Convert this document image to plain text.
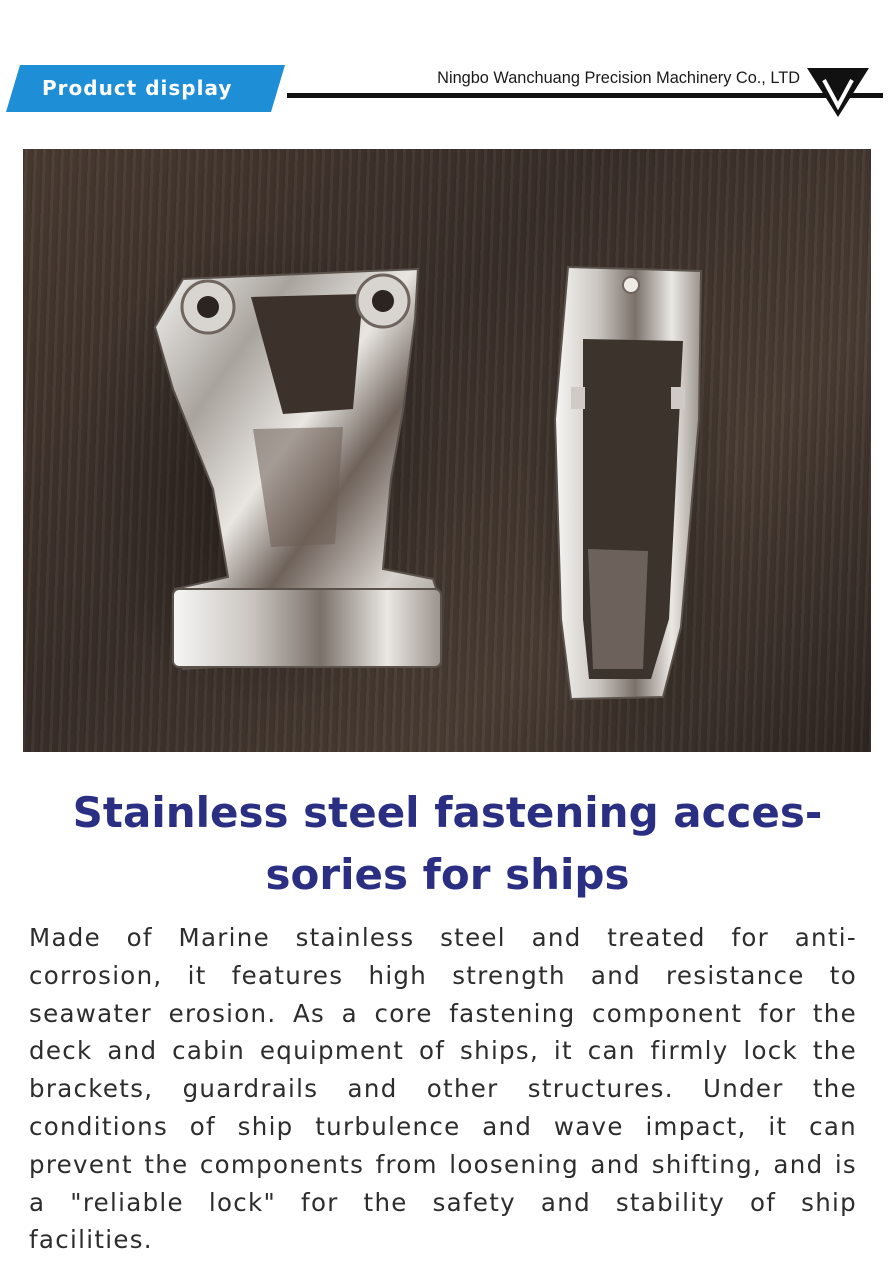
Product display	Ningbo Wanchuang Precision Machinery Co., LTD
Stainless steel fastening acces- sories for ships
Made of Marine stainless steel and treated for anti-corrosion, it features high strength and resistance to seawater erosion. As a core fastening component for the deck and cabin equipment of ships, it can firmly lock the brackets, guardrails and other structures. Under the conditions of ship turbulence and wave impact, it can prevent the components from loosening and shifting, and is a "reliable lock" for the safety and stability of ship facilities.
